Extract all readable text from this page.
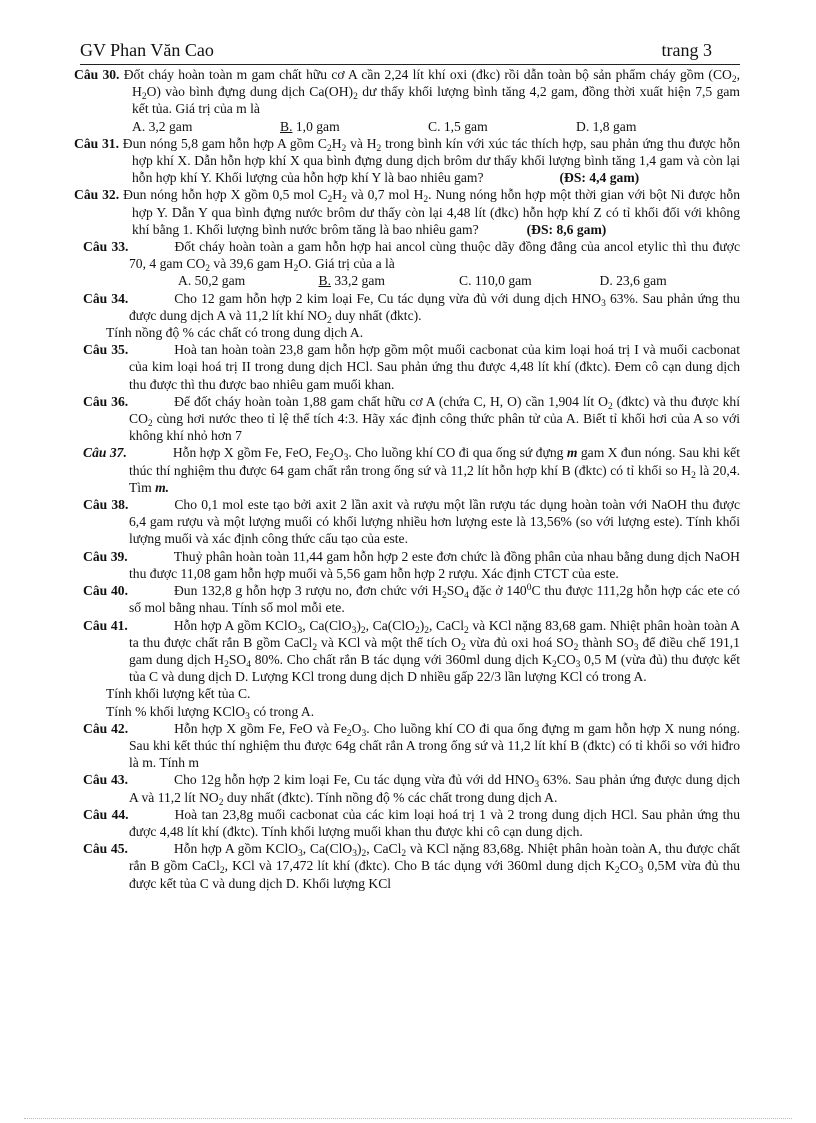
GV Phan Văn Cao	trang 3

Câu 30. Đốt cháy hoàn toàn m gam chất hữu cơ A cần 2,24 lít khí oxi (đkc) rồi dẫn toàn bộ sản phẩm cháy gồm ($CO_2$, $H_2O$) vào bình đựng dung dịch $Ca(OH)_2$ dư thấy khối lượng bình tăng 4,2 gam, đồng thời xuất hiện 7,5 gam kết tủa. Giá trị của m là

A. 3,2 gam	B. 1,0 gam	C. 1,5 gam	D. 1,8 gam

Câu 31. Đun nóng 5,8 gam hỗn hợp A gồm $C_2H_2$ và $H_2$ trong bình kín với xúc tác thích hợp, sau phản ứng thu được hỗn hợp khí X. Dẫn hỗn hợp khí X qua bình đựng dung dịch brôm dư thấy khối lượng bình tăng 1,4 gam và còn lại hỗn hợp khí Y. Khối lượng của hỗn hợp khí Y là bao nhiêu gam?	(ĐS: 4,4 gam)

Câu 32. Đun nóng hỗn hợp X gồm 0,5 mol $C_2H_2$ và 0,7 mol $H_2$. Nung nóng hỗn hợp một thời gian với bột Ni được hỗn hợp Y. Dẫn Y qua bình đựng nước brôm dư thấy còn lại 4,48 lít (đkc) hỗn hợp khí Z có tỉ khối đối với không khí bằng 1. Khối lượng bình nước brôm tăng là bao nhiêu gam?	(ĐS: 8,6 gam)

Câu 33.	Đốt cháy hoàn toàn a gam hỗn hợp hai ancol cùng thuộc dãy đồng đẳng của ancol etylic thì thu được 70, 4 gam $CO_2$ và 39,6 gam $H_2O$. Giá trị của a là

A. 50,2 gam	B. 33,2 gam	C. 110,0 gam	D. 23,6 gam

Câu 34.	Cho 12 gam hỗn hợp 2 kim loại Fe, Cu tác dụng vừa đủ với dung dịch $HNO_3$ 63%. Sau phản ứng thu được dung dịch A và 11,2 lít khí $NO_2$ duy nhất (đktc).

Tính nồng độ % các chất có trong dung dịch A.

Câu 35.	Hoà tan hoàn toàn 23,8 gam hỗn hợp gồm một muối cacbonat của kim loại hoá trị I và muối cacbonat của kim loại hoá trị II trong dung dịch HCl. Sau phản ứng thu được 4,48 lít khí (đktc). Đem cô cạn dung dịch thu được thì thu được bao nhiêu gam muối khan.

Câu 36.	Để đốt cháy hoàn toàn 1,88 gam chất hữu cơ A (chứa C, H, O) cần 1,904 lít $O_2$ (đktc) và thu được khí $CO_2$ cùng hơi nước theo tỉ lệ thể tích 4:3. Hãy xác định công thức phân tử của A. Biết tỉ khối hơi của A so với không khí nhỏ hơn 7

Câu 37.	Hỗn hợp X gồm Fe, FeO, $Fe_2O_3$. Cho luồng khí CO đi qua ống sứ đựng m gam X đun nóng. Sau khi kết thúc thí nghiệm thu được 64 gam chất rắn trong ống sứ và 11,2 lít hỗn hợp khí B (đktc) có tỉ khối so $H_2$ là 20,4. Tìm m.

Câu 38.	Cho 0,1 mol este tạo bởi axit 2 lần axit và rượu một lần rượu tác dụng hoàn toàn với NaOH thu được 6,4 gam rượu và một lượng muối có khối lượng nhiều hơn lượng este là 13,56% (so với lượng este). Tính khối lượng muối và xác định công thức cấu tạo của este.

Câu 39.	Thuỷ phân hoàn toàn 11,44 gam hỗn hợp 2 este đơn chức là đồng phân của nhau bằng dung dịch NaOH thu được 11,08 gam hỗn hợp muối và 5,56 gam hỗn hợp 2 rượu. Xác định CTCT của este.

Câu 40.	Đun 132,8 g hỗn hợp 3 rượu no, đơn chức với $H_2SO_4$ đặc ở $140^0C$ thu được 111,2g hỗn hợp các ete có số mol bằng nhau. Tính số mol mỗi ete.

Câu 41.	Hỗn hợp A gồm KClO$_3$, $Ca(ClO_3)_2$, $Ca(ClO_2)_2$, CaCl$_2$ và KCl nặng 83,68 gam. Nhiệt phân hoàn toàn A ta thu được chất rắn B gồm CaCl$_2$ và KCl và một thể tích $O_2$ vừa đủ oxi hoá $SO_2$ thành $SO_3$ để điều chế 191,1 gam dung dịch $H_2SO_4$ 80%. Cho chất rắn B tác dụng với 360ml dung dịch $K_2CO_3$ 0,5 M (vừa đủ) thu được kết tủa C và dung dịch D. Lượng KCl trong dung dịch D nhiều gấp 22/3 lần lượng KCl có trong A.

Tính khối lượng kết tủa C.

Tính % khối lượng KClO$_3$ có trong A.

Câu 42.	Hỗn hợp X gồm Fe, FeO và $Fe_2O_3$. Cho luồng khí CO đi qua ống đựng m gam hỗn hợp X nung nóng. Sau khi kết thúc thí nghiệm thu được 64g chất rắn A trong ống sứ và 11,2 lít khí B (đktc) có tỉ khối so với hiđro là m. Tính m

Câu 43.	Cho 12g hỗn hợp 2 kim loại Fe, Cu tác dụng vừa đủ với dd $HNO_3$ 63%. Sau phản ứng được dung dịch A và 11,2 lít $NO_2$ duy nhất (đktc). Tính nồng độ % các chất trong dung dịch A.

Câu 44.	Hoà tan 23,8g muối cacbonat của các kim loại hoá trị 1 và 2 trong dung dịch HCl. Sau phản ứng thu được 4,48 lít khí (đktc). Tính khối lượng muối khan thu được khi cô cạn dung dịch.

Câu 45.	Hỗn hợp A gồm KClO$_3$, $Ca(ClO_3)_2$, CaCl$_2$ và KCl nặng 83,68g. Nhiệt phân hoàn toàn A, thu được chất rắn B gồm CaCl$_2$, KCl và 17,472 lít khí (đktc). Cho B tác dụng với 360ml dung dịch $K_2CO_3$ 0,5M vừa đủ thu được kết tủa C và dung dịch D. Khối lượng KCl
